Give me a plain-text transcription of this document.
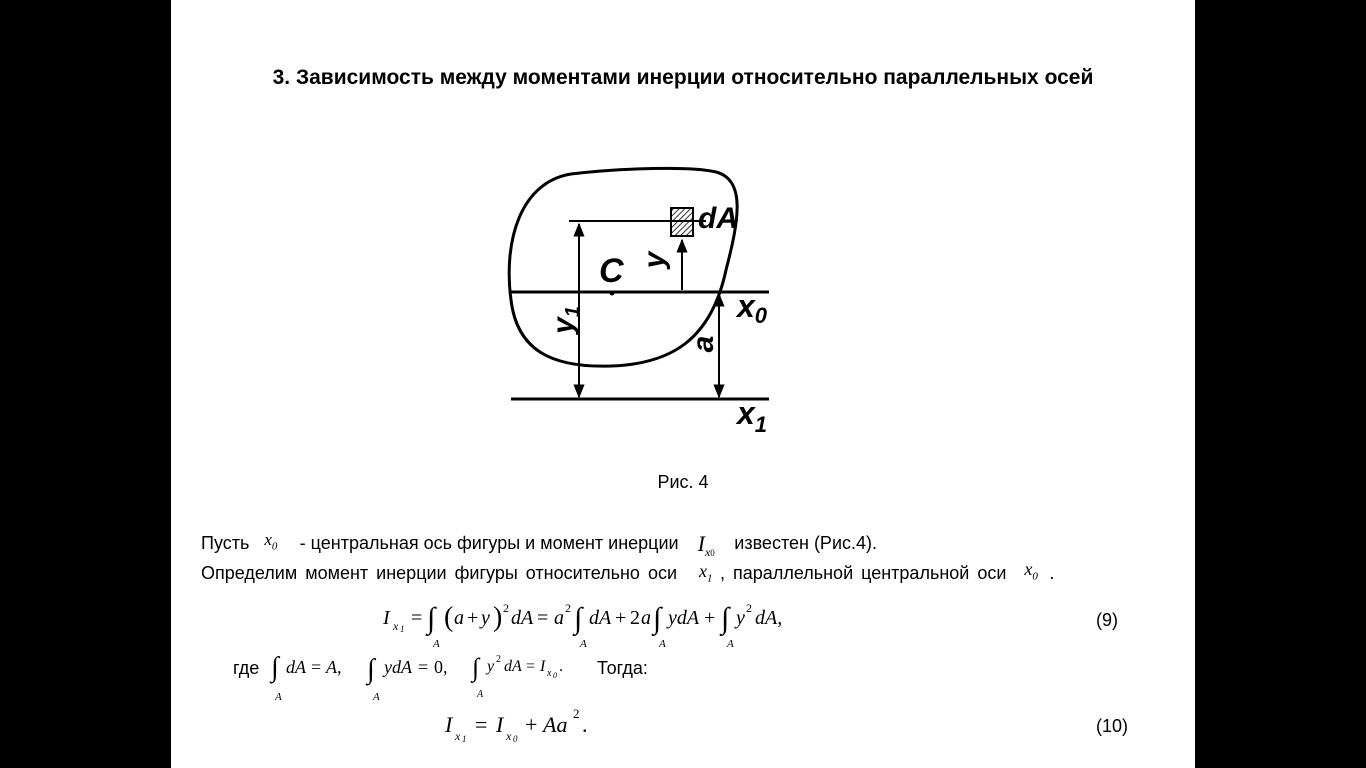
3. Зависимость между моментами инерции относительно параллельных осей
dA
C y
$y_1$
a
x0
$x_1$
Рис. 4
Пусть $x_0$ - центральная ось фигуры и момент инерции $I_{x0}$ известен (Рис.4).
Определим момент инерции фигуры относительно оси $x_1$ , параллельной центральной оси $x_0$ .
I x 1 = ∫
A
( a + y ) 2 dA = a 2 ∫
A
dA + 2 a ∫
A
ydA + ∫
A
y 2 dA,	(9)
где ∫
A
dA = A, ∫
A
ydA = 0, ∫
A
y 2 dA = I x 0
. Тогда:
I x 1
= I x 0
+ Aa 2 .	(10)
